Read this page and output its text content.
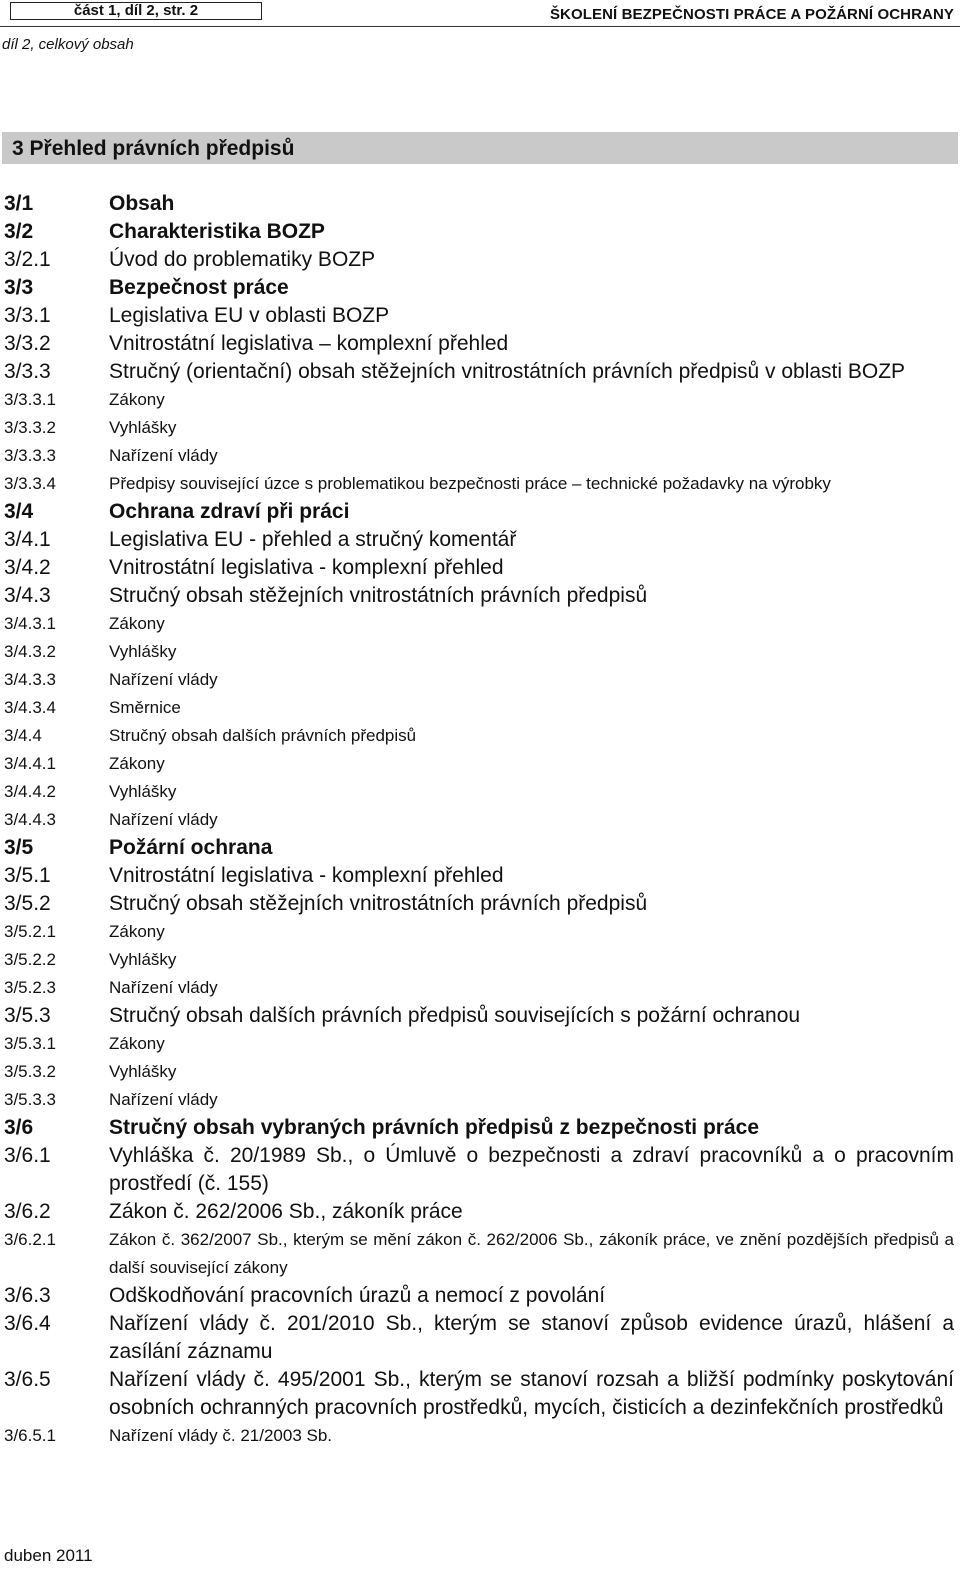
část 1, díl 2, str. 2	ŠKOLENÍ BEZPEČNOSTI PRÁCE A POŽÁRNÍ OCHRANY
díl 2, celkový obsah
3 Přehled právních předpisů
3/1	Obsah
3/2	Charakteristika BOZP
3/2.1	Úvod do problematiky BOZP
3/3	Bezpečnost práce
3/3.1	Legislativa EU v oblasti BOZP
3/3.2	Vnitrostátní legislativa – komplexní přehled
3/3.3	Stručný (orientační) obsah stěžejních vnitrostátních právních předpisů v oblasti BOZP
3/3.3.1	Zákony
3/3.3.2	Vyhlášky
3/3.3.3	Nařízení vlády
3/3.3.4	Předpisy související úzce s problematikou bezpečnosti práce – technické požadavky na výrobky
3/4	Ochrana zdraví při práci
3/4.1	Legislativa EU - přehled a stručný komentář
3/4.2	Vnitrostátní legislativa - komplexní přehled
3/4.3	Stručný obsah stěžejních vnitrostátních právních předpisů
3/4.3.1	Zákony
3/4.3.2	Vyhlášky
3/4.3.3	Nařízení vlády
3/4.3.4	Směrnice
3/4.4	Stručný obsah dalších právních předpisů
3/4.4.1	Zákony
3/4.4.2	Vyhlášky
3/4.4.3	Nařízení vlády
3/5	Požární ochrana
3/5.1	Vnitrostátní legislativa - komplexní přehled
3/5.2	Stručný obsah stěžejních vnitrostátních právních předpisů
3/5.2.1	Zákony
3/5.2.2	Vyhlášky
3/5.2.3	Nařízení vlády
3/5.3	Stručný obsah dalších právních předpisů souvisejících s požární ochranou
3/5.3.1	Zákony
3/5.3.2	Vyhlášky
3/5.3.3	Nařízení vlády
3/6	Stručný obsah vybraných právních předpisů z bezpečnosti práce
3/6.1	Vyhláška č. 20/1989 Sb., o Úmluvě o bezpečnosti a zdraví pracovníků a o pracovním prostředí (č. 155)
3/6.2	Zákon č. 262/2006 Sb., zákoník práce
3/6.2.1	Zákon č. 362/2007 Sb., kterým se mění zákon č. 262/2006 Sb., zákoník práce, ve znění pozdějších předpisů a další související zákony
3/6.3	Odškodňování pracovních úrazů a nemocí z povolání
3/6.4	Nařízení vlády č. 201/2010 Sb., kterým se stanoví způsob evidence úrazů, hlášení a zasílání záznamu
3/6.5	Nařízení vlády č. 495/2001 Sb., kterým se stanoví rozsah a bližší podmínky poskytování osobních ochranných pracovních prostředků, mycích, čisticích a dezinfekčních prostředků
3/6.5.1	Nařízení vlády č. 21/2003 Sb.
duben 2011
